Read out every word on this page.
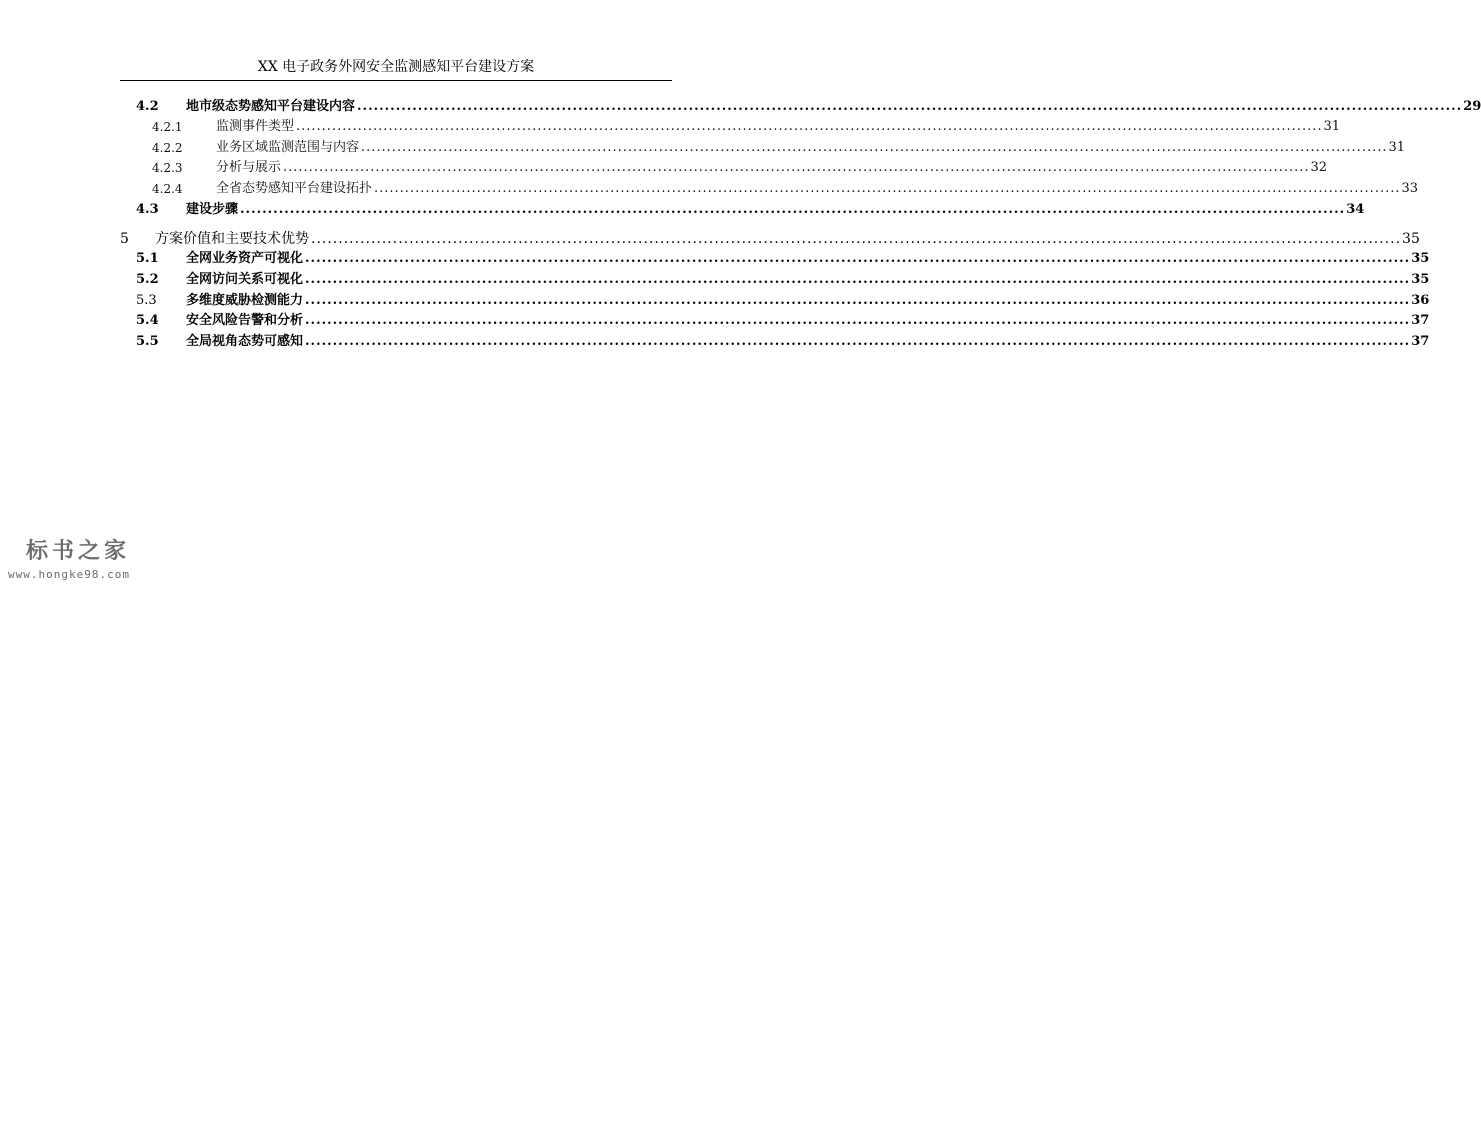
XX 电子政务外网安全监测感知平台建设方案
4.2 地市级态势感知平台建设内容 ........................................................................................................................................................................................................ 29
4.2.1	监测事件类型 ........................................................................................................................................................................................................ 31
4.2.2	业务区域监测范围与内容 ........................................................................................................................................................................................................ 31
4.2.3	分析与展示 ........................................................................................................................................................................................................ 32
4.2.4	全省态势感知平台建设拓扑 ........................................................................................................................................................................................................ 33
4.3 建设步骤 ........................................................................................................................................................................................................ 34
5 方案价值和主要技术优势 ........................................................................................................................................................................................................ 35
5.1 全网业务资产可视化 ........................................................................................................................................................................................................ 35
5.2 全网访问关系可视化 ........................................................................................................................................................................................................ 35
5.3 多维度威胁检测能力 ........................................................................................................................................................................................................ 36
5.4 安全风险告警和分析 ........................................................................................................................................................................................................ 37
5.5 全局视角态势可感知 ........................................................................................................................................................................................................ 37
标书之家
www.hongke98.com
